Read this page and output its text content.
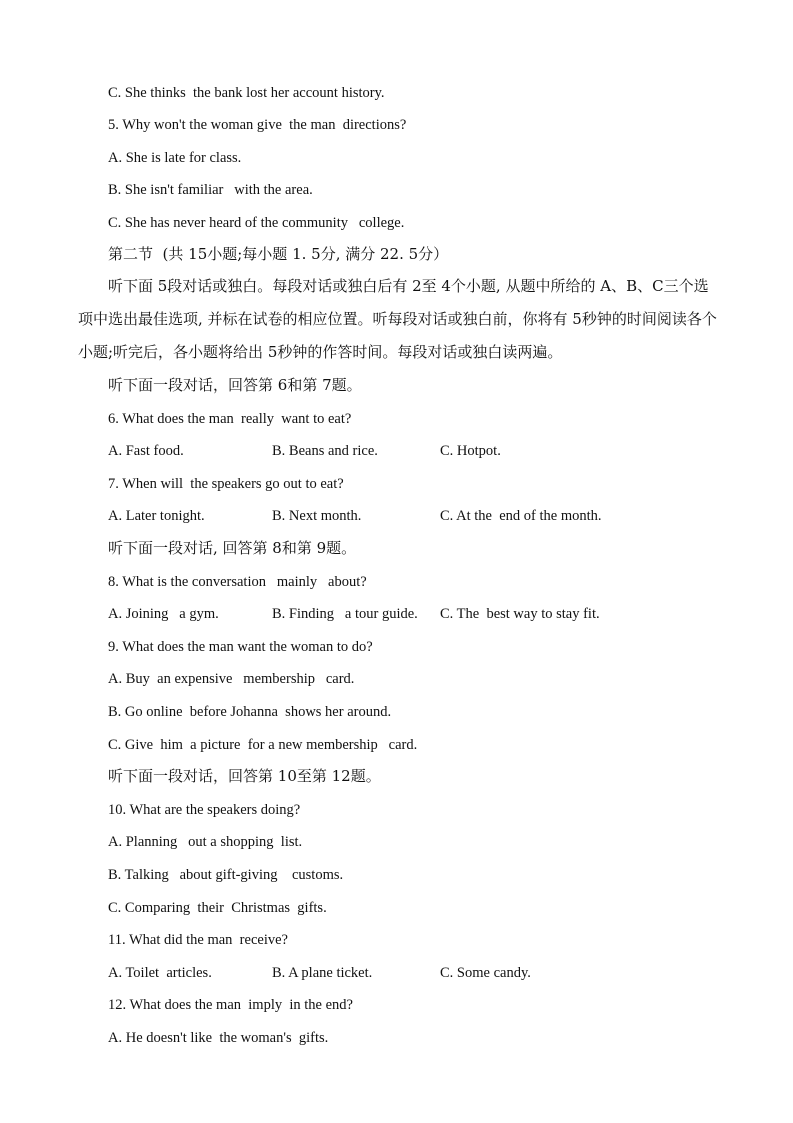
C. She thinks  the bank lost her account history.
5. Why won't the woman give  the man  directions?
A. She is late for class.
B. She isn't familiar   with the area.
C. She has never heard of the community   college.
第二节  (共 15小题;每小题 1. 5分, 满分 22. 5分）
听下面 5段对话或独白。每段对话或独白后有 2至 4个小题, 从题中所给的 A、B、C三个选项中选出最佳选项, 并标在试卷的相应位置。听每段对话或独白前，你将有 5秒钟的时间阅读各个小题;听完后，各小题将给出 5秒钟的作答时间。每段对话或独白读两遍。
听下面一段对话，回答第 6和第 7题。
6. What does the man  really  want to eat?

A. Fast food.

	B. Beans and rice.

	C. Hotpot.

7. When will  the speakers go out to eat?

A. Later tonight.

	B. Next month.

	C. At the  end of the month.

听下面一段对话, 回答第 8和第 9题。
8. What is the conversation   mainly   about?

A. Joining   a gym.

	B. Finding   a tour guide.

C. The  best way to stay fit.

9. What does the man want the woman to do?
A. Buy  an expensive   membership   card.
B. Go online  before Johanna  shows her around.
C. Give  him  a picture  for a new membership   card.
听下面一段对话，回答第 10至第 12题。
10. What are the speakers doing?
A. Planning   out a shopping  list.
B. Talking   about gift-giving    customs.
C. Comparing  their  Christmas  gifts.
11. What did the man  receive?

A. Toilet  articles.

	B. A plane ticket.

	C. Some candy.

12. What does the man  imply  in the end?
A. He doesn't like  the woman's  gifts.
